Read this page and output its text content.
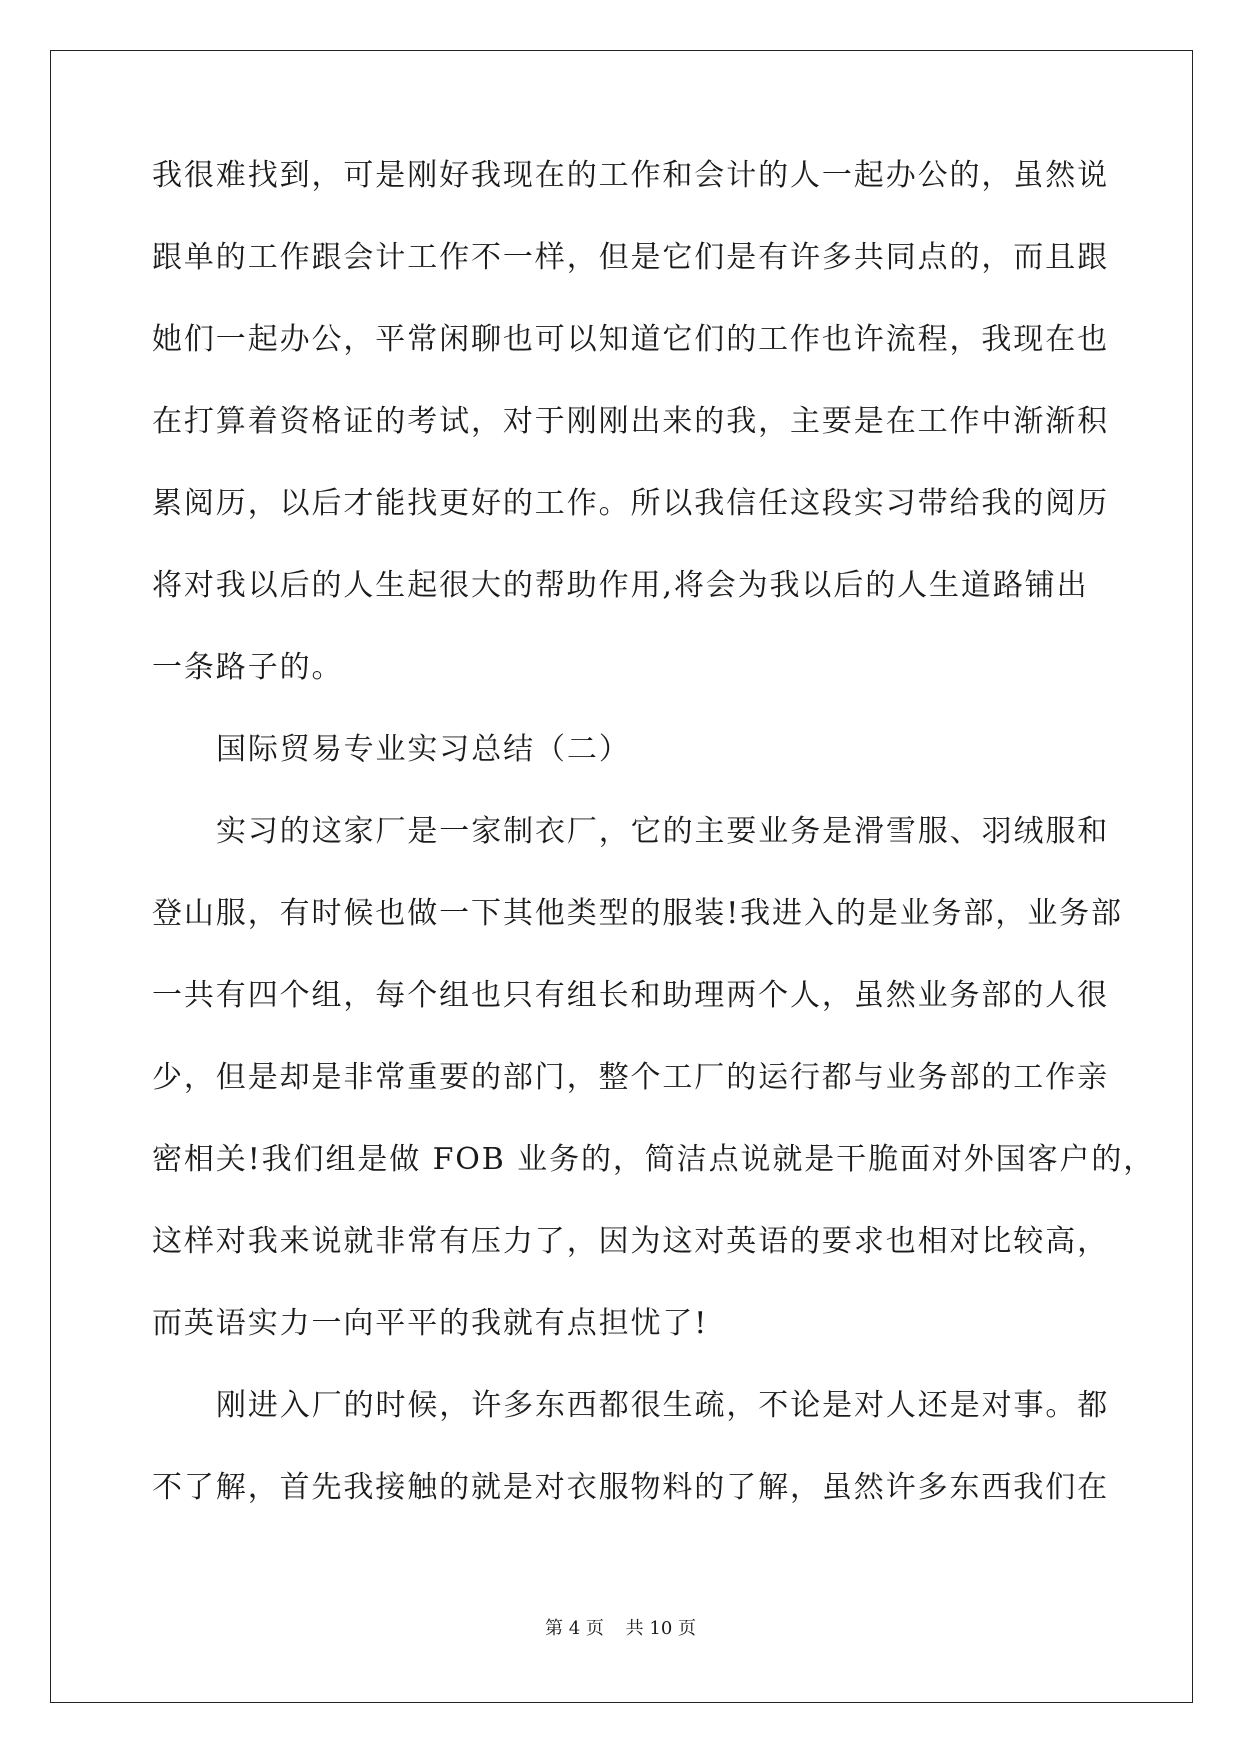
我很难找到，可是刚好我现在的工作和会计的人一起办公的，虽然说
跟单的工作跟会计工作不一样，但是它们是有许多共同点的，而且跟
她们一起办公，平常闲聊也可以知道它们的工作也许流程，我现在也
在打算着资格证的考试，对于刚刚出来的我，主要是在工作中渐渐积
累阅历，以后才能找更好的工作。所以我信任这段实习带给我的阅历
将对我以后的人生起很大的帮助作用,将会为我以后的人生道路铺出
一条路子的。
国际贸易专业实习总结（二）
实习的这家厂是一家制衣厂，它的主要业务是滑雪服、羽绒服和
登山服，有时候也做一下其他类型的服装!我进入的是业务部，业务部
一共有四个组，每个组也只有组长和助理两个人，虽然业务部的人很
少，但是却是非常重要的部门，整个工厂的运行都与业务部的工作亲
密相关!我们组是做 FOB 业务的，简洁点说就是干脆面对外国客户的，
这样对我来说就非常有压力了，因为这对英语的要求也相对比较高，
而英语实力一向平平的我就有点担忧了!
刚进入厂的时候，许多东西都很生疏，不论是对人还是对事。都
不了解，首先我接触的就是对衣服物料的了解，虽然许多东西我们在
第 4 页 共 10 页
